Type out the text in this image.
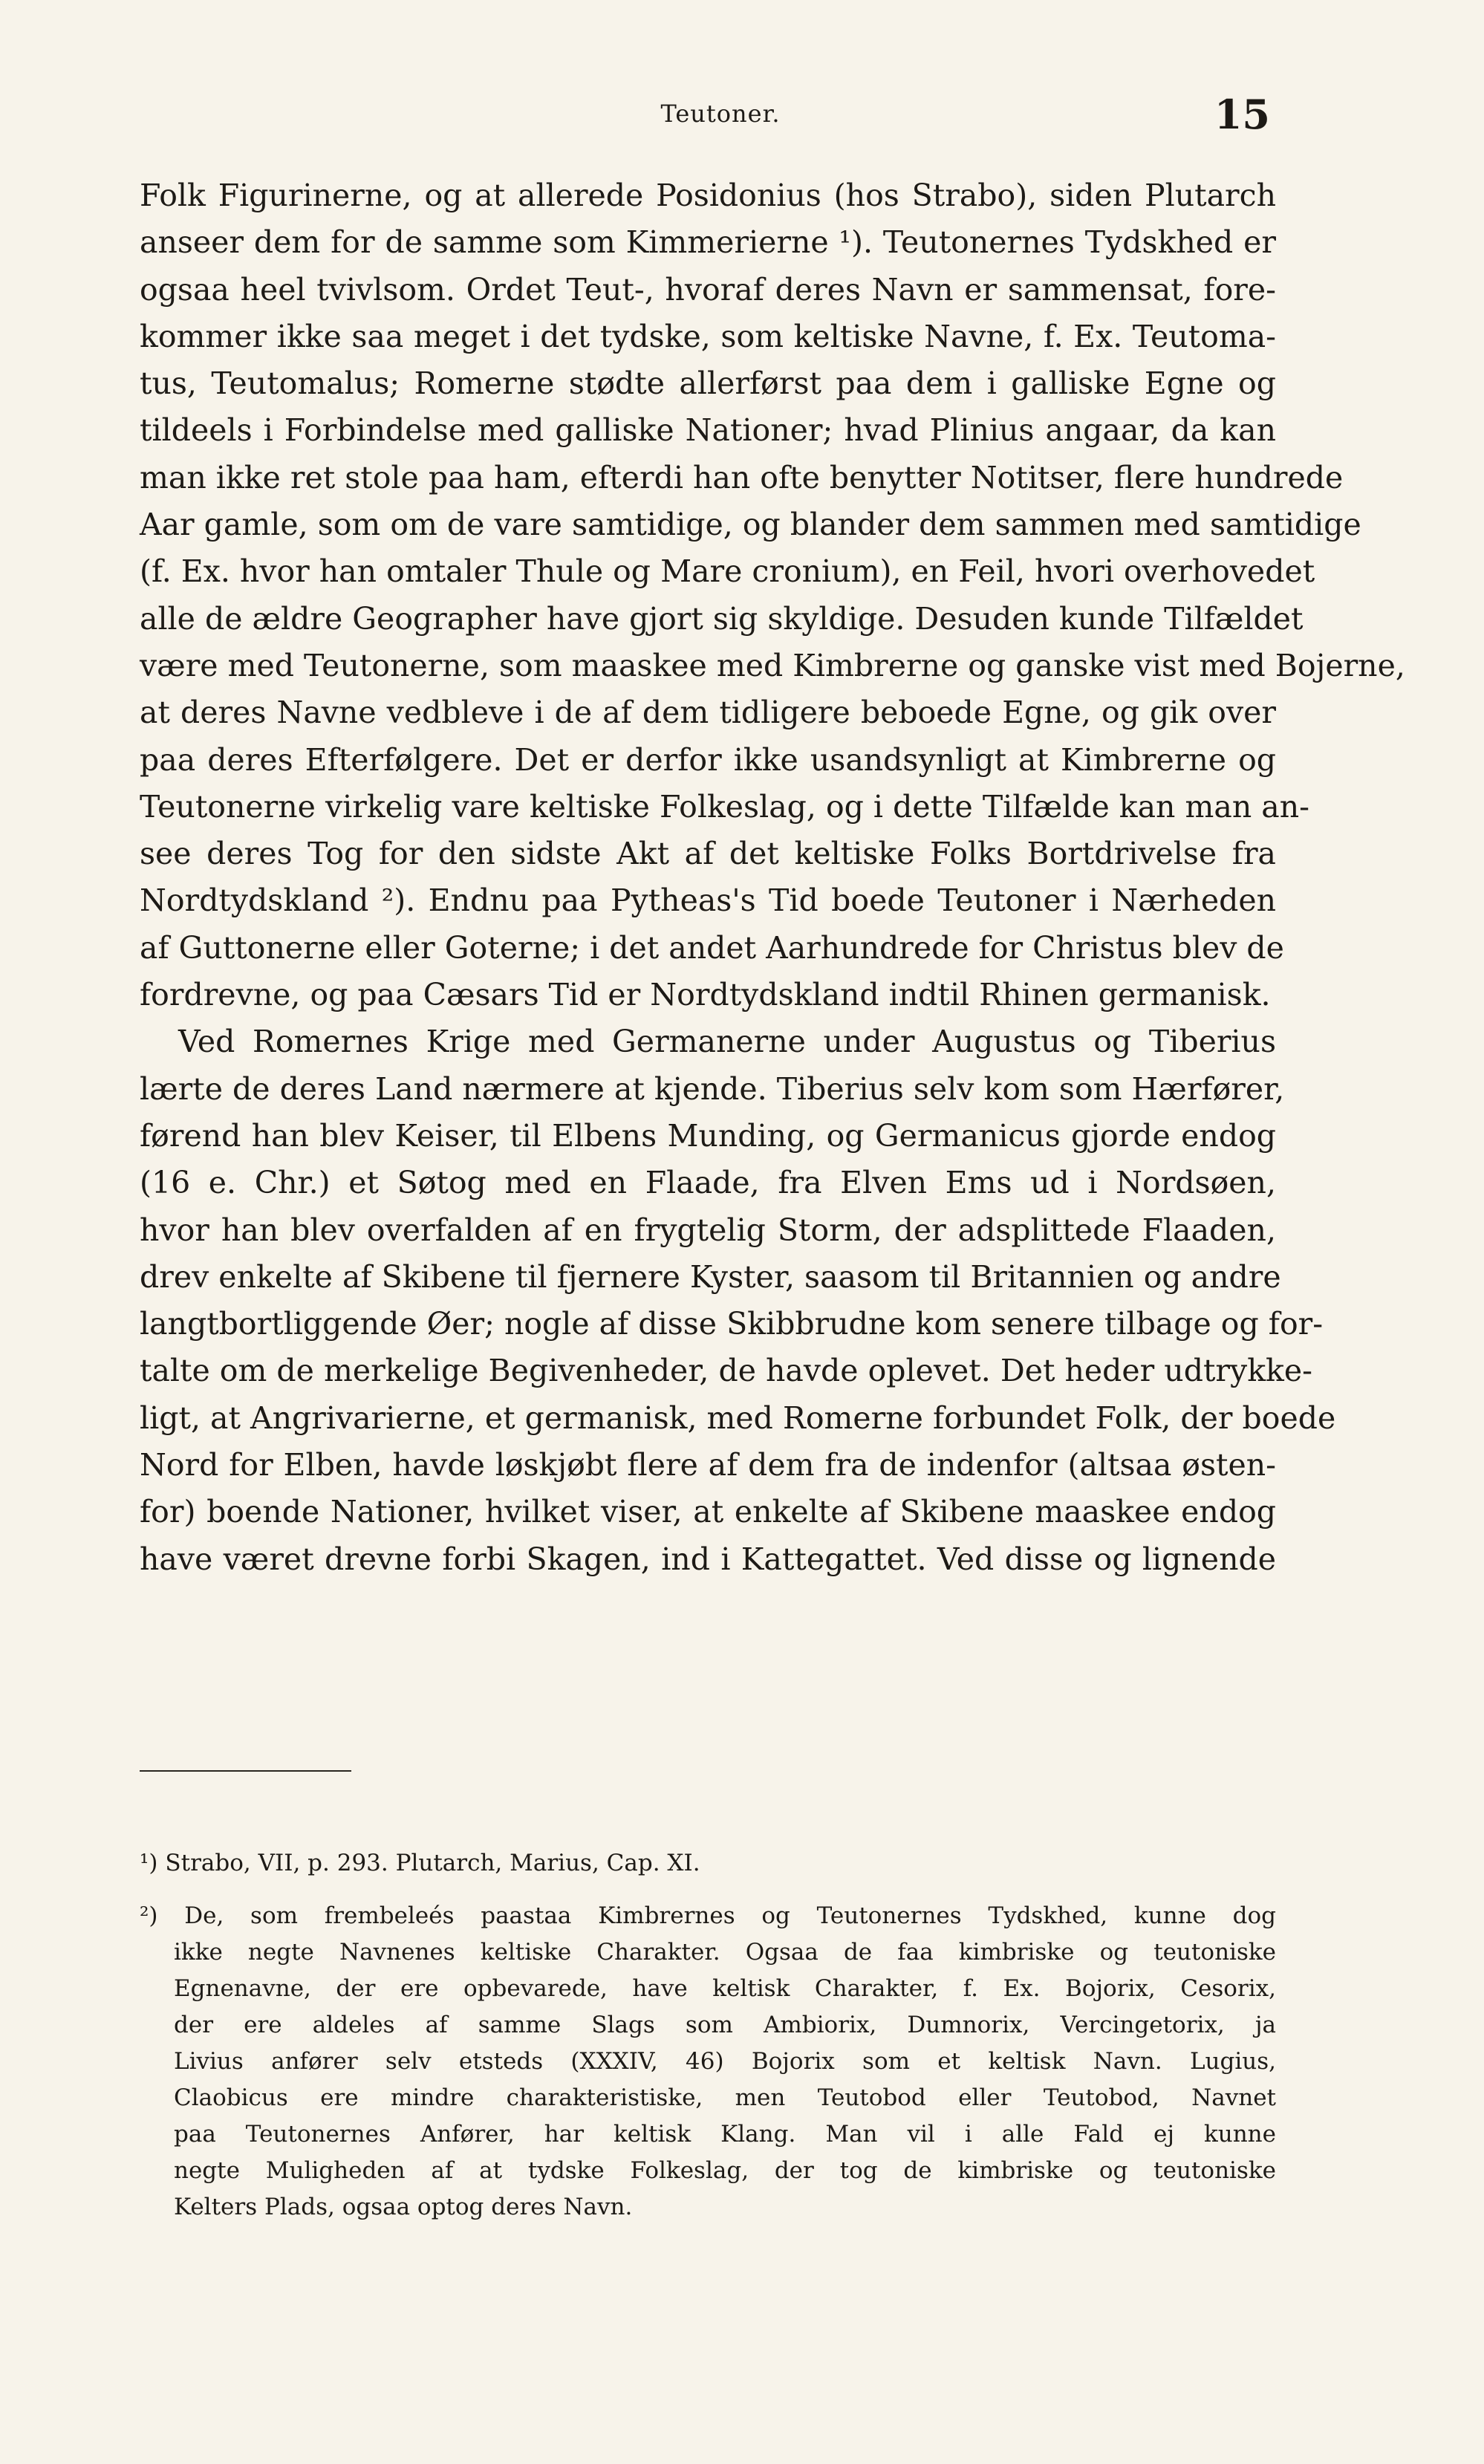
Teutoner.	15
Folk Figurinerne, og at allerede Posidonius (hos Strabo), siden Plutarch
anseer dem for de samme som Kimmerierne ¹). Teutonernes Tydskhed er
ogsaa heel tvivlsom. Ordet Teut-, hvoraf deres Navn er sammensat, fore-
kommer ikke saa meget i det tydske, som keltiske Navne, f. Ex. Teutoma-
tus, Teutomalus; Romerne stødte allerførst paa dem i galliske Egne og
tildeels i Forbindelse med galliske Nationer; hvad Plinius angaar, da kan
man ikke ret stole paa ham, efterdi han ofte benytter Notitser, flere hundrede
Aar gamle, som om de vare samtidige, og blander dem sammen med samtidige
(f. Ex. hvor han omtaler Thule og Mare cronium), en Feil, hvori overhovedet
alle de ældre Geographer have gjort sig skyldige. Desuden kunde Tilfældet
være med Teutonerne, som maaskee med Kimbrerne og ganske vist med Bojerne,
at deres Navne vedbleve i de af dem tidligere beboede Egne, og gik over
paa deres Efterfølgere. Det er derfor ikke usandsynligt at Kimbrerne og
Teutonerne virkelig vare keltiske Folkeslag, og i dette Tilfælde kan man an-
see deres Tog for den sidste Akt af det keltiske Folks Bortdrivelse fra
Nordtydskland ²). Endnu paa Pytheas's Tid boede Teutoner i Nærheden
af Guttonerne eller Goterne; i det andet Aarhundrede for Christus blev de
fordrevne, og paa Cæsars Tid er Nordtydskland indtil Rhinen germanisk.
Ved Romernes Krige med Germanerne under Augustus og Tiberius
lærte de deres Land nærmere at kjende. Tiberius selv kom som Hærfører,
førend han blev Keiser, til Elbens Munding, og Germanicus gjorde endog
(16 e. Chr.) et Søtog med en Flaade, fra Elven Ems ud i Nordsøen,
hvor han blev overfalden af en frygtelig Storm, der adsplittede Flaaden,
drev enkelte af Skibene til fjernere Kyster, saasom til Britannien og andre
langtbortliggende Øer; nogle af disse Skibbrudne kom senere tilbage og for-
talte om de merkelige Begivenheder, de havde oplevet. Det heder udtrykke-
ligt, at Angrivarierne, et germanisk, med Romerne forbundet Folk, der boede
Nord for Elben, havde løskjøbt flere af dem fra de indenfor (altsaa østen-
for) boende Nationer, hvilket viser, at enkelte af Skibene maaskee endog
have været drevne forbi Skagen, ind i Kattegattet. Ved disse og lignende
¹) Strabo, VII, p. 293. Plutarch, Marius, Cap. XI.
²) De, som frembeleés paastaa Kimbrernes og Teutonernes Tydskhed, kunne dog
ikke negte Navnenes keltiske Charakter. Ogsaa de faa kimbriske og teutoniske
Egnenavne, der ere opbevarede, have keltisk Charakter, f. Ex. Bojorix, Cesorix,
der ere aldeles af samme Slags som Ambiorix, Dumnorix, Vercingetorix, ja
Livius anfører selv etsteds (XXXIV, 46) Bojorix som et keltisk Navn. Lugius,
Claobicus ere mindre charakteristiske, men Teutobod eller Teutobod, Navnet
paa Teutonernes Anfører, har keltisk Klang. Man vil i alle Fald ej kunne
negte Muligheden af at tydske Folkeslag, der tog de kimbriske og teutoniske
Kelters Plads, ogsaa optog deres Navn.
